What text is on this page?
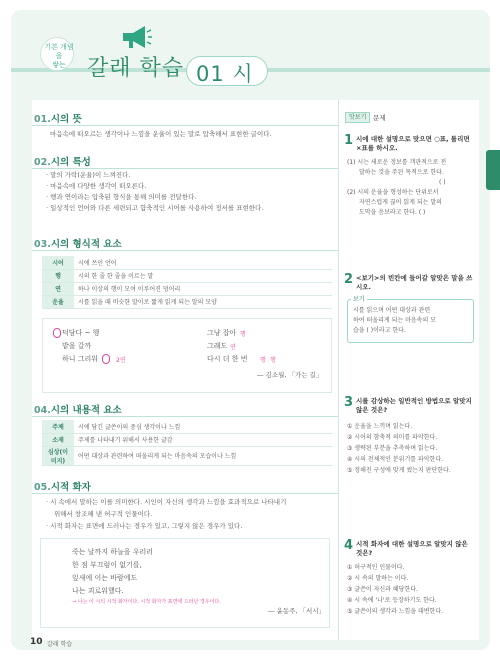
기본 개념을
쌓는 갈래 학습 01 시
01.시의 뜻
마음속에 떠오르는 생각이나 느낌을 운율이 있는 말로 압축해서 표현한 글이다.
02.시의 특성
· 말의 가락(운율)이 느껴진다.
· 마음속에 다양한 생각이 떠오른다.
· 행과 연이라는 압축된 형식을 통해 의미를 전달한다.
· 일상적인 언어와 다른 세련되고 함축적인 시어를 사용하여 정서를 표현한다.
03.시의 형식적 요소
시어	시에 쓰인 언어
행	시의 한 줄 한 줄을 이르는 말
연	하나 이상의 행이 모여 이루어진 덩어리
운율	시를 읽을 때 비슷한 말이로 짧게 읽게 되는 말의 모양
덕담다 ~ 행
밭을 갈까
하니 그리워	2연
그냥 잡아 행
그래도 연
다시 더 한 번 행 행
― 김소월, 「가는 길」
04.시의 내용적 요소
주제	시에 담긴 글쓴이의 중심 생각이나 느낌
소재	주제를 나타내기 위해서 사용한 글감
심상(이미지)	어떤 대상과 관련하여 떠올리게 되는 마음속의 모습이나 느낌
05.시적 화자
· 시 속에서 말하는 이를 의미한다. 시인이 자신의 생각과 느낌을 효과적으로 나타내기
위해서 창조해 낸 허구적 인물이다.
· 시적 화자는 표면에 드러나는 경우가 있고, 그렇지 않은 경우가 있다.
죽는 날까지 하늘을 우러러
한 점 부끄럼이 없기를,
잎새에 이는 바람에도
나는 괴로워했다.
→ 나는 이 시의 시적 화자이다. 시적 화자가 표면에 드러난 경우이다.
― 윤동주, 「서시」
맛보기	문제
1 시에 대한 설명으로 맞으면 ○표, 틀리면 ×표를 하시오.
(1) 시는 새로운 정보를 객관적으로 전
달하는 것을 주된 목적으로 한다.
( )
(2) 시의 운율을 형성하는 단위로서
자연스럽게 끊어 읽게 되는 말의
도막을 음보라고 한다. ( )
2 <보기>의 빈칸에 들어갈 알맞은 말을 쓰시오.
보기
시를 읽으며 어떤 대상과 관련
하여 떠올리게 되는 마음속의 모
습을 ( )이라고 한다.
3 시를 감상하는 일반적인 방법으로 알맞지 않은 것은?
① 운율을 느끼며 읽는다.
② 시어의 함축적 의미를 파악한다.
③ 생략된 부분을 추측하며 읽는다.
④ 시의 전체적인 분위기를 파악한다.
⑤ 정해진 구성에 맞게 썼는지 판단한다.
4 시적 화자에 대한 설명으로 알맞지 않은 것은?
① 허구적인 인물이다.
② 시 속의 말하는 이다.
③ 글쓴이 자신과 혜당한다.
④ 시 속에 '나'로 등장하기도 한다.
⑤ 글쓴이의 생각과 느낌을 대변한다.
10 갈래 학습
